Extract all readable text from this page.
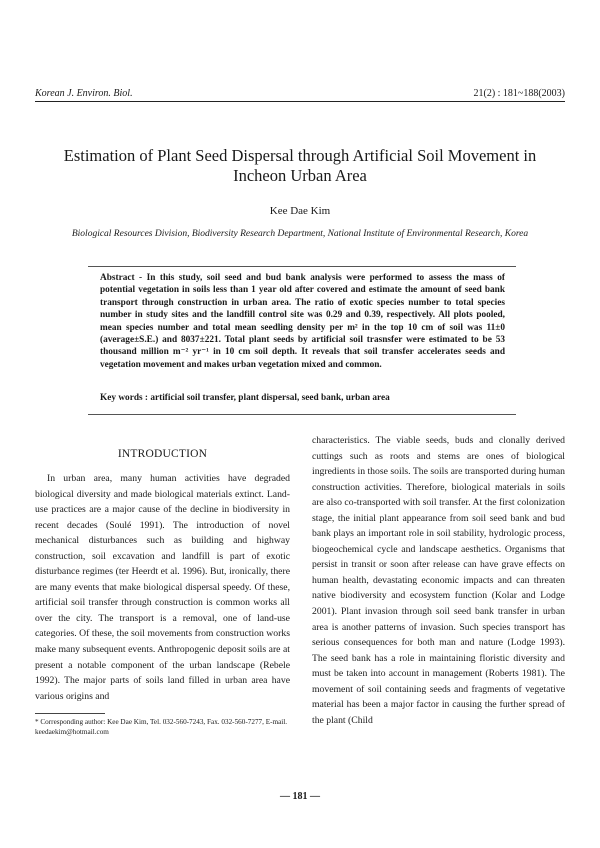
Korean J. Environ. Biol.	21(2) : 181~188(2003)
Estimation of Plant Seed Dispersal through Artificial Soil Movement in Incheon Urban Area
Kee Dae Kim
Biological Resources Division, Biodiversity Research Department, National Institute of Environmental Research, Korea
Abstract - In this study, soil seed and bud bank analysis were performed to assess the mass of potential vegetation in soils less than 1 year old after covered and estimate the amount of seed bank transport through construction in urban area. The ratio of exotic species number to total species number in study sites and the landfill control site was 0.29 and 0.39, respectively. All plots pooled, mean species number and total mean seedling density per m² in the top 10 cm of soil was 11±0 (average±S.E.) and 8037±221. Total plant seeds by artificial soil trasnsfer were estimated to be 53 thousand million m⁻² yr⁻¹ in 10 cm soil depth. It reveals that soil transfer accelerates seeds and vegetation movement and makes urban vegetation mixed and common.
Key words : artificial soil transfer, plant dispersal, seed bank, urban area
INTRODUCTION
In urban area, many human activities have degraded biological diversity and made biological materials extinct. Land-use practices are a major cause of the decline in biodiversity in recent decades (Soulé 1991). The introduction of novel mechanical disturbances such as building and highway construction, soil excavation and landfill is part of exotic disturbance regimes (ter Heerdt et al. 1996). But, ironically, there are many events that make biological dispersal speedy. Of these, artificial soil transfer through construction is common works all over the city. The transport is a removal, one of land-use categories. Of these, the soil movements from construction works make many subsequent events. Anthropogenic deposit soils are at present a notable component of the urban landscape (Rebele 1992). The major parts of soils land filled in urban area have various origins and
characteristics. The viable seeds, buds and clonally derived cuttings such as roots and stems are ones of biological ingredients in those soils. The soils are transported during human construction activities. Therefore, biological materials in soils are also co-transported with soil transfer. At the first colonization stage, the initial plant appearance from soil seed bank and bud bank plays an important role in soil stability, hydrologic process, biogeochemical cycle and landscape aesthetics. Organisms that persist in transit or soon after release can have grave effects on human health, devastating economic impacts and can threaten native biodiversity and ecosystem function (Kolar and Lodge 2001). Plant invasion through soil seed bank transfer in urban area is another patterns of invasion. Such species transport has serious consequences for both man and nature (Lodge 1993). The seed bank has a role in maintaining floristic diversity and must be taken into account in management (Roberts 1981). The movement of soil containing seeds and fragments of vegetative material has been a major factor in causing the further spread of the plant (Child
* Corresponding author: Kee Dae Kim, Tel. 032-560-7243, Fax. 032-560-7277, E-mail. keedaekim@hotmail.com
— 181 —
